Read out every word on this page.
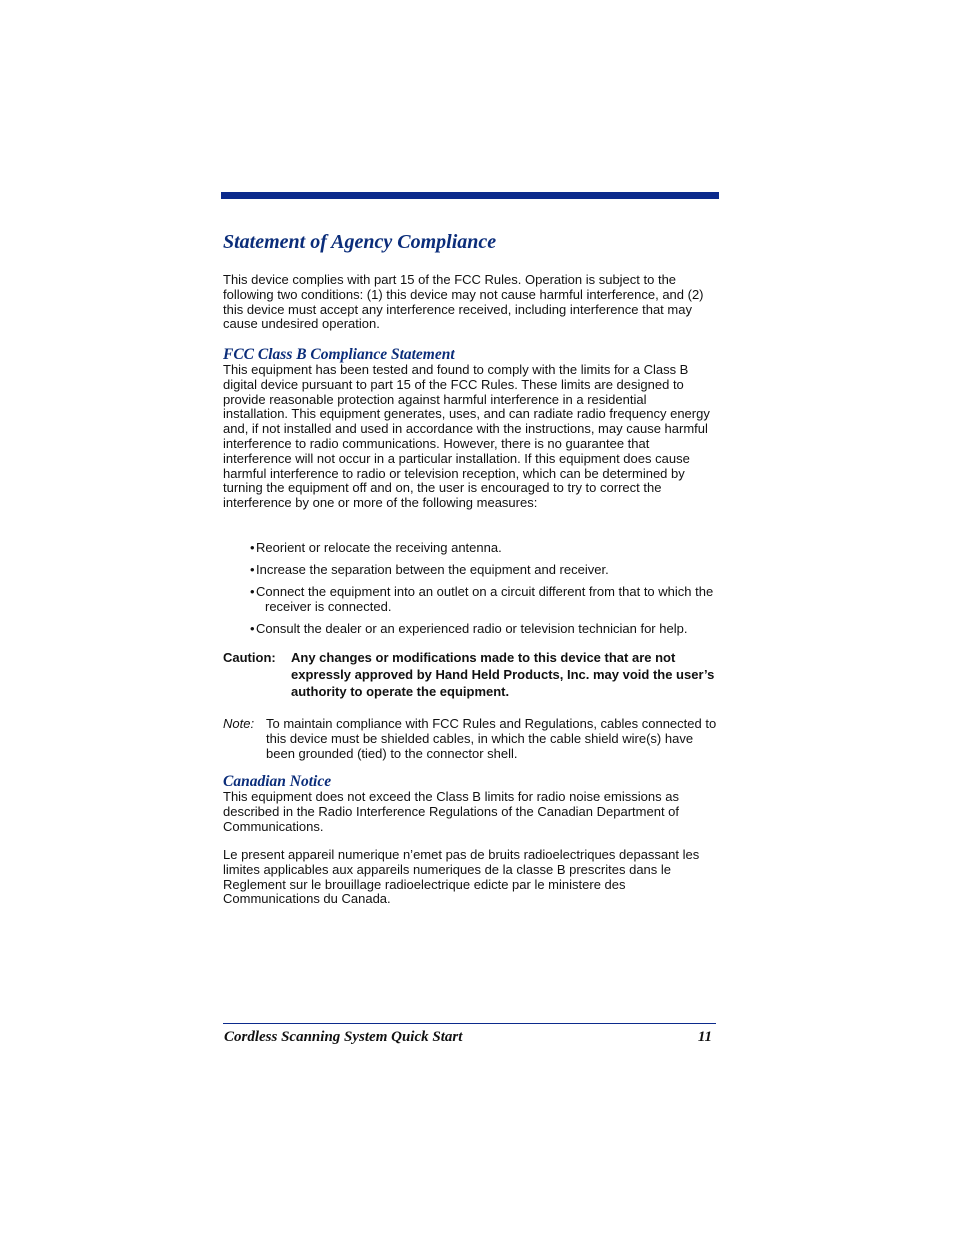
Statement of Agency Compliance

This device complies with part 15 of the FCC Rules. Operation is subject to the following two conditions: (1) this device may not cause harmful interference, and (2) this device must accept any interference received, including interference that may cause undesired operation.

FCC Class B Compliance Statement

This equipment has been tested and found to comply with the limits for a Class B digital device pursuant to part 15 of the FCC Rules. These limits are designed to provide reasonable protection against harmful interference in a residential installation. This equipment generates, uses, and can radiate radio frequency energy and, if not installed and used in accordance with the instructions, may cause harmful interference to radio communications. However, there is no guarantee that interference will not occur in a particular installation. If this equipment does cause harmful interference to radio or television reception, which can be determined by turning the equipment off and on, the user is encouraged to try to correct the interference by one or more of the following measures:

•Reorient or relocate the receiving antenna.
•Increase the separation between the equipment and receiver.
•Connect the equipment into an outlet on a circuit different from that to which the receiver is connected.
•Consult the dealer or an experienced radio or television technician for help.
Caution: Any changes or modifications made to this device that are not expressly approved by Hand Held Products, Inc. may void the user’s authority to operate the equipment.
Note: To maintain compliance with FCC Rules and Regulations, cables connected to this device must be shielded cables, in which the cable shield wire(s) have been grounded (tied) to the connector shell.
Canadian Notice

This equipment does not exceed the Class B limits for radio noise emissions as described in the Radio Interference Regulations of the Canadian Department of Communications.

Le present appareil numerique n’emet pas de bruits radioelectriques depassant les limites applicables aux appareils numeriques de la classe B prescrites dans le Reglement sur le brouillage radioelectrique edicte par le ministere des Communications du Canada.

Cordless Scanning System Quick Start	11
